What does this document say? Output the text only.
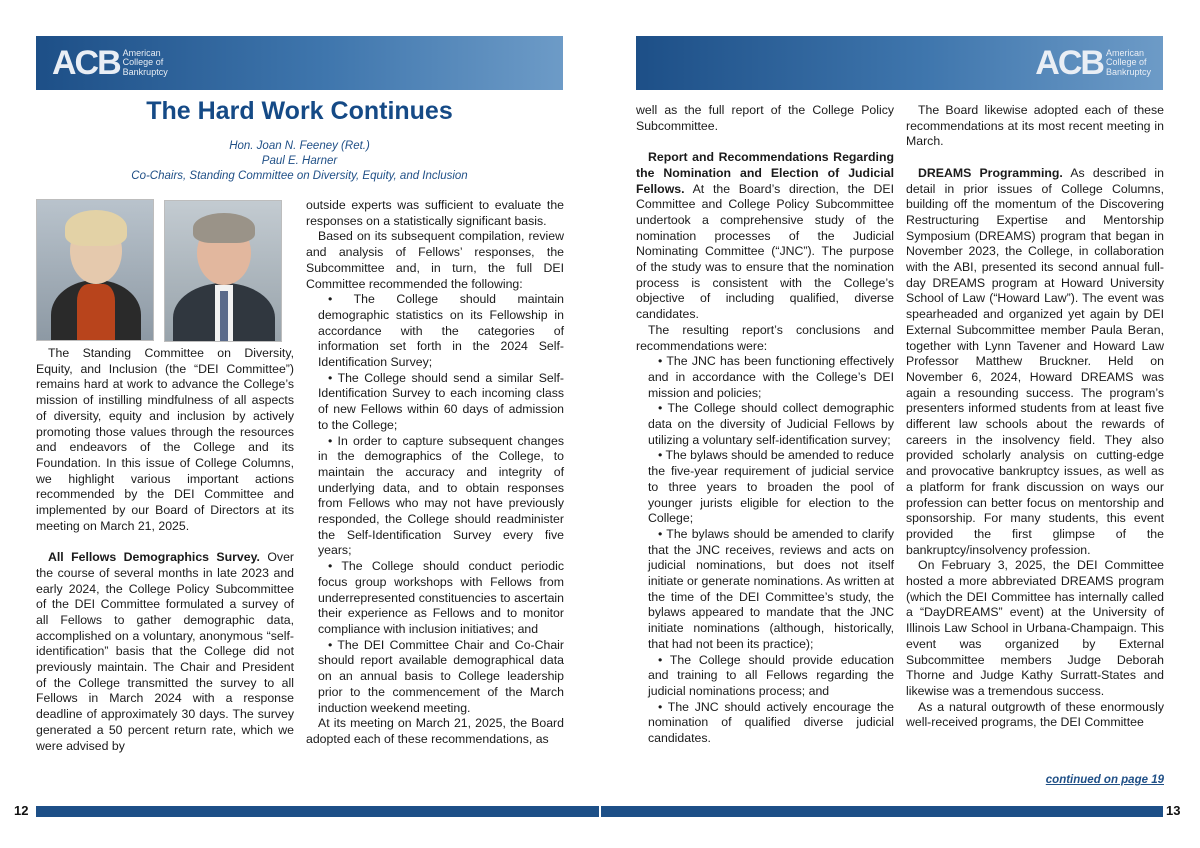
ACB American
College of
Bankruptcy	ACB American
College of
Bankruptcy
The Hard Work Continues
Hon. Joan N. Feeney (Ret.)
Paul E. Harner
Co-Chairs, Standing Committee on Diversity, Equity, and Inclusion

The Standing Committee on Diversity, Equity, and Inclusion (the “DEI Committee”) remains hard at work to advance the College’s mission of instilling mindfulness of all aspects of diversity, equity and inclusion by actively promoting those values through the resources and endeavors of the College and its Foundation. In this issue of College Columns, we highlight various important actions recommended by the DEI Committee and implemented by our Board of Directors at its meeting on March 21, 2025.

All Fellows Demographics Survey. Over the course of several months in late 2023 and early 2024, the College Policy Subcommittee of the DEI Committee formulated a survey of all Fellows to gather demographic data, accomplished on a voluntary, anonymous “self-identification” basis that the College did not previously maintain. The Chair and President of the College transmitted the survey to all Fellows in March 2024 with a response deadline of approximately 30 days. The survey generated a 50 percent return rate, which we were advised by

outside experts was sufficient to evaluate the responses on a statistically significant basis.

Based on its subsequent compilation, review and analysis of Fellows’ responses, the Subcommittee and, in turn, the full DEI Committee recommended the following:

• The College should maintain demographic statistics on its Fellowship in accordance with the categories of information set forth in the 2024 Self-Identification Survey;

• The College should send a similar Self-Identification Survey to each incoming class of new Fellows within 60 days of admission to the College;

• In order to capture subsequent changes in the demographics of the College, to maintain the accuracy and integrity of underlying data, and to obtain responses from Fellows who may not have previously responded, the College should readminister the Self-Identification Survey every five years;

• The College should conduct periodic focus group workshops with Fellows from underrepresented constituencies to ascertain their experience as Fellows and to monitor compliance with inclusion initiatives; and

• The DEI Committee Chair and Co-Chair should report available demographical data on an annual basis to College leadership prior to the commencement of the March induction weekend meeting.

At its meeting on March 21, 2025, the Board adopted each of these recommendations, as

well as the full report of the College Policy Subcommittee.

Report and Recommendations Regarding the Nomination and Election of Judicial Fellows. At the Board’s direction, the DEI Committee and College Policy Subcommittee undertook a comprehensive study of the nomination processes of the Judicial Nominating Committee (“JNC”). The purpose of the study was to ensure that the nomination process is consistent with the College’s objective of including qualified, diverse candidates.

The resulting report’s conclusions and recommendations were:

• The JNC has been functioning effectively and in accordance with the College’s DEI mission and policies;

• The College should collect demographic data on the diversity of Judicial Fellows by utilizing a voluntary self-identification survey;

• The bylaws should be amended to reduce the five-year requirement of judicial service to three years to broaden the pool of younger jurists eligible for election to the College;

• The bylaws should be amended to clarify that the JNC receives, reviews and acts on judicial nominations, but does not itself initiate or generate nominations. As written at the time of the DEI Committee’s study, the bylaws appeared to mandate that the JNC initiate nominations (although, historically, that had not been its practice);

• The College should provide education and training to all Fellows regarding the judicial nominations process; and

• The JNC should actively encourage the nomination of qualified diverse judicial candidates.

The Board likewise adopted each of these recommendations at its most recent meeting in March.

DREAMS Programming. As described in detail in prior issues of College Columns, building off the momentum of the Discovering Restructuring Expertise and Mentorship Symposium (DREAMS) program that began in November 2023, the College, in collaboration with the ABI, presented its second annual full-day DREAMS program at Howard University School of Law (“Howard Law”). The event was spearheaded and organized yet again by DEI External Subcommittee member Paula Beran, together with Lynn Tavener and Howard Law Professor Matthew Bruckner. Held on November 6, 2024, Howard DREAMS was again a resounding success. The program’s presenters informed students from at least five different law schools about the rewards of careers in the insolvency field. They also provided scholarly analysis on cutting-edge and provocative bankruptcy issues, as well as a platform for frank discussion on ways our profession can better focus on mentorship and sponsorship. For many students, this event provided the first glimpse of the bankruptcy/insolvency profession.

On February 3, 2025, the DEI Committee hosted a more abbreviated DREAMS program (which the DEI Committee has internally called a “DayDREAMS” event) at the University of Illinois Law School in Urbana-Champaign. This event was organized by External Subcommittee members Judge Deborah Thorne and Judge Kathy Surratt-States and likewise was a tremendous success.

As a natural outgrowth of these enormously well-received programs, the DEI Committee

continued on page 19
12	13
